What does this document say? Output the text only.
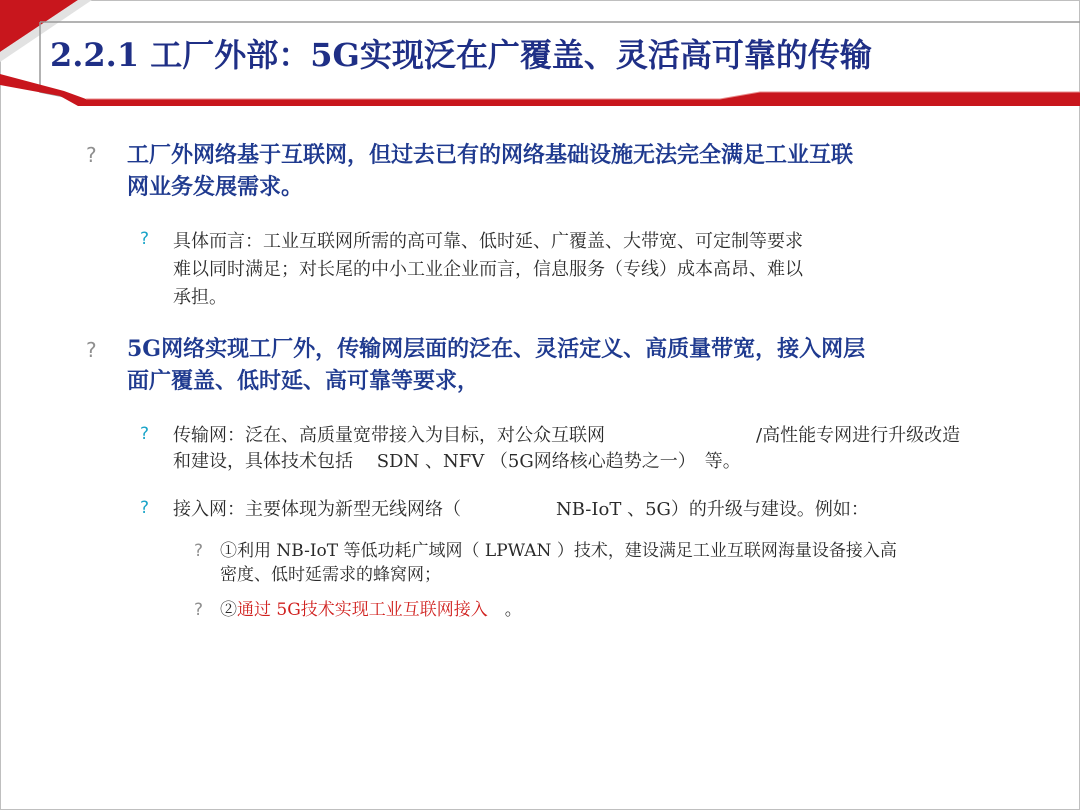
2.2.1 工厂外部：5G实现泛在广覆盖、灵活高可靠的传输
? 工厂外网络基于互联网，但过去已有的网络基础设施无法完全满足工业互联
网业务发展需求。
? 具体而言：工业互联网所需的高可靠、低时延、广覆盖、大带宽、可定制等要求
难以同时满足；对长尾的中小工业企业而言，信息服务（专线）成本高昂、难以
承担。
? 5G网络实现工厂外，传输网层面的泛在、灵活定义、高质量带宽，接入网层
面广覆盖、低时延、高可靠等要求，
? 传输网：泛在、高质量宽带接入为目标，对公众互联网	/高性能专网进行升级改造
和建设，具体技术包括　 SDN 、NFV （5G网络核心趋势之一）　等。
? 接入网：主要体现为新型无线网络（	NB-IoT 、5G）的升级与建设。例如：
? ①利用 NB-IoT 等低功耗广域网（ LPWAN ）技术，建设满足工业互联网海量设备接入高
密度、低时延需求的蜂窝网；
? ②通过 5G技术实现工业互联网接入　。
